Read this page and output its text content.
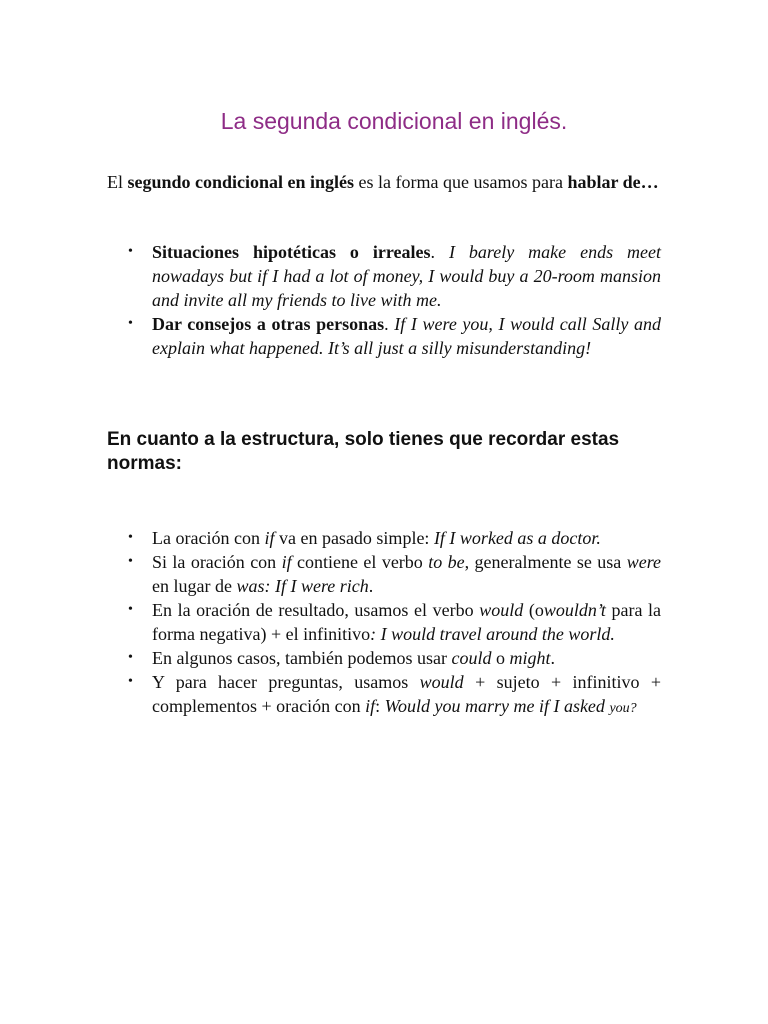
La segunda condicional en inglés.
El segundo condicional en inglés es la forma que usamos para hablar de…
• Situaciones hipotéticas o irreales. I barely make ends meet nowadays but if I had a lot of money, I would buy a 20-room mansion and invite all my friends to live with me.
• Dar consejos a otras personas. If I were you, I would call Sally and explain what happened. It’s all just a silly misunderstanding!
En cuanto a la estructura, solo tienes que recordar estas normas:
• La oración con if va en pasado simple: If I worked as a doctor.
• Si la oración con if contiene el verbo to be, generalmente se usa were en lugar de was: If I were rich.
• En la oración de resultado, usamos el verbo would (owouldn’t para la forma negativa) + el infinitivo: I would travel around the world.
• En algunos casos, también podemos usar could o might.
• Y para hacer preguntas, usamos would + sujeto + infinitivo + complementos + oración con if: Would you marry me if I asked you?
